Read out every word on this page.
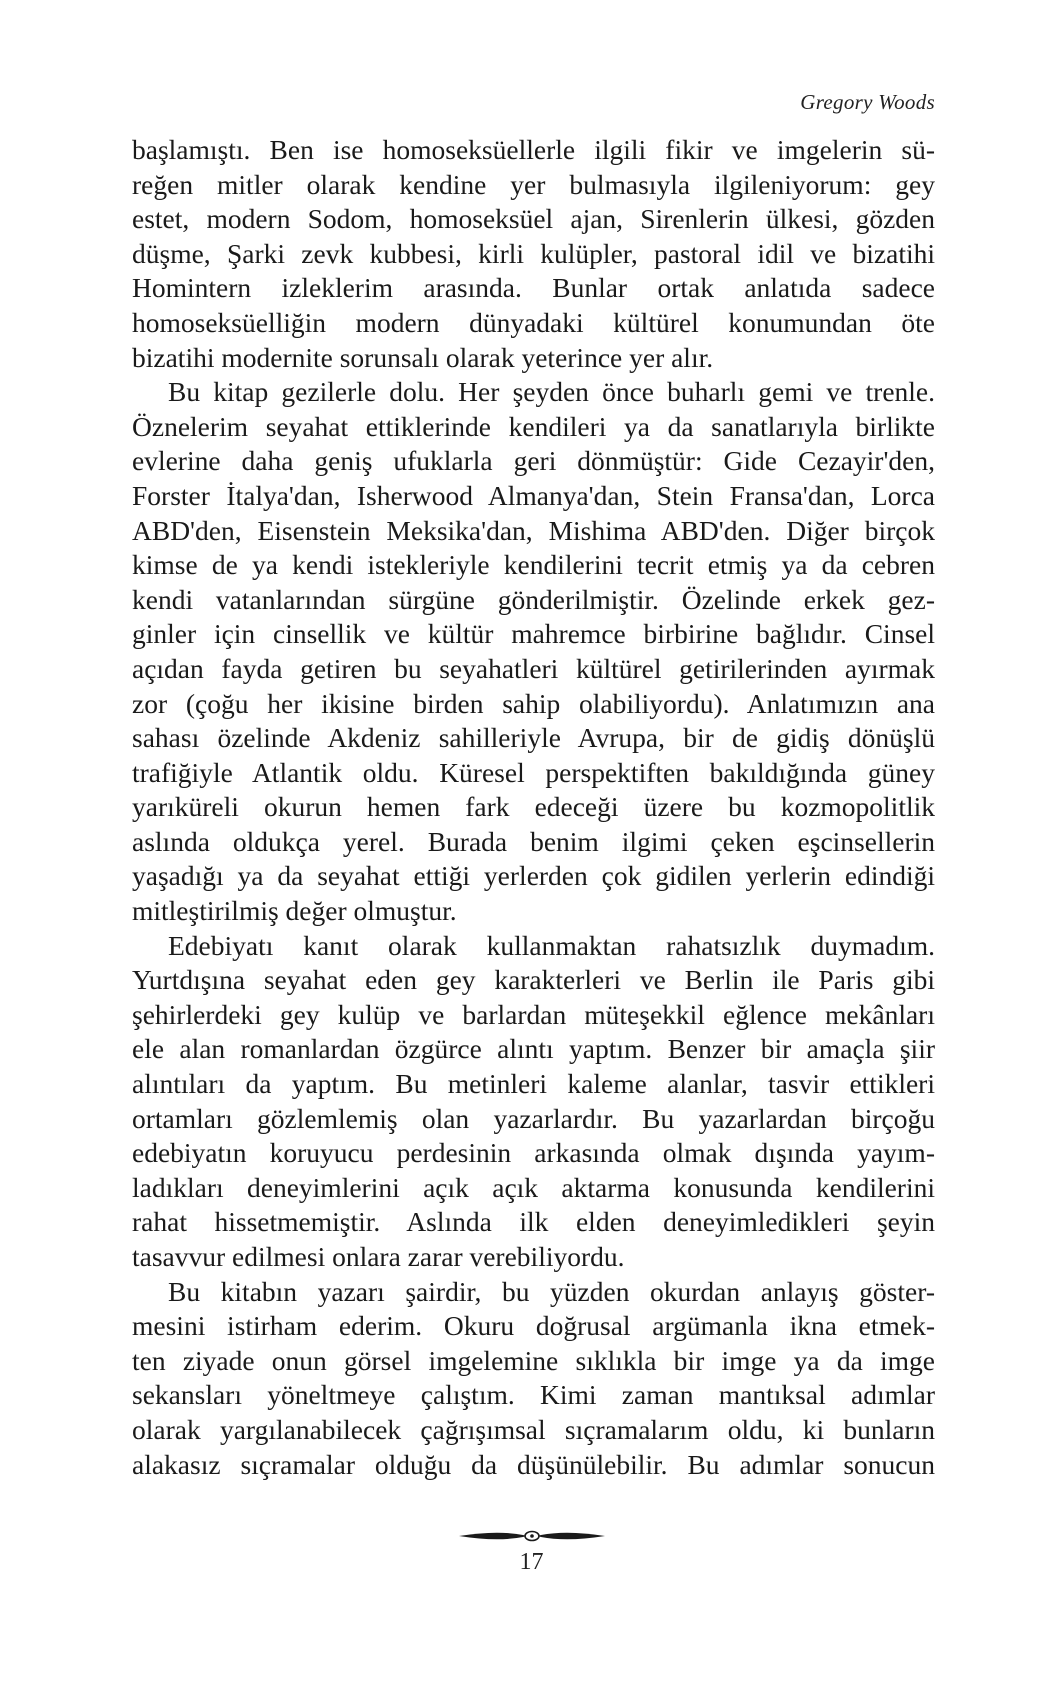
Gregory Woods

başlamıştı. Ben ise homoseksüellerle ilgili fikir ve imgelerin sü-
reğen mitler olarak kendine yer bulmasıyla ilgileniyorum: gey
estet, modern Sodom, homoseksüel ajan, Sirenlerin ülkesi, gözden
düşme, Şarki zevk kubbesi, kirli kulüpler, pastoral idil ve bizatihi
Homintern izleklerim arasında. Bunlar ortak anlatıda sadece
homoseksüelliğin modern dünyadaki kültürel konumundan öte
bizatihi modernite sorunsalı olarak yeterince yer alır.

Bu kitap gezilerle dolu. Her şeyden önce buharlı gemi ve trenle.
Öznelerim seyahat ettiklerinde kendileri ya da sanatlarıyla birlikte
evlerine daha geniş ufuklarla geri dönmüştür: Gide Cezayir'den,
Forster İtalya'dan, Isherwood Almanya'dan, Stein Fransa'dan, Lorca
ABD'den, Eisenstein Meksika'dan, Mishima ABD'den. Diğer birçok
kimse de ya kendi istekleriyle kendilerini tecrit etmiş ya da cebren
kendi vatanlarından sürgüne gönderilmiştir. Özelinde erkek gez-
ginler için cinsellik ve kültür mahremce birbirine bağlıdır. Cinsel
açıdan fayda getiren bu seyahatleri kültürel getirilerinden ayırmak
zor (çoğu her ikisine birden sahip olabiliyordu). Anlatımızın ana
sahası özelinde Akdeniz sahilleriyle Avrupa, bir de gidiş dönüşlü
trafiğiyle Atlantik oldu. Küresel perspektiften bakıldığında güney
yarıküreli okurun hemen fark edeceği üzere bu kozmopolitlik
aslında oldukça yerel. Burada benim ilgimi çeken eşcinsellerin
yaşadığı ya da seyahat ettiği yerlerden çok gidilen yerlerin edindiği
mitleştirilmiş değer olmuştur.

Edebiyatı kanıt olarak kullanmaktan rahatsızlık duymadım.
Yurtdışına seyahat eden gey karakterleri ve Berlin ile Paris gibi
şehirlerdeki gey kulüp ve barlardan müteşekkil eğlence mekânları
ele alan romanlardan özgürce alıntı yaptım. Benzer bir amaçla şiir
alıntıları da yaptım. Bu metinleri kaleme alanlar, tasvir ettikleri
ortamları gözlemlemiş olan yazarlardır. Bu yazarlardan birçoğu
edebiyatın koruyucu perdesinin arkasında olmak dışında yayım-
ladıkları deneyimlerini açık açık aktarma konusunda kendilerini
rahat hissetmemiştir. Aslında ilk elden deneyimledikleri şeyin
tasavvur edilmesi onlara zarar verebiliyordu.

Bu kitabın yazarı şairdir, bu yüzden okurdan anlayış göster-
mesini istirham ederim. Okuru doğrusal argümanla ikna etmek-
ten ziyade onun görsel imgelemine sıklıkla bir imge ya da imge
sekansları yöneltmeye çalıştım. Kimi zaman mantıksal adımlar
olarak yargılanabilecek çağrışımsal sıçramalarım oldu, ki bunların
alakasız sıçramalar olduğu da düşünülebilir. Bu adımlar sonucun

17
